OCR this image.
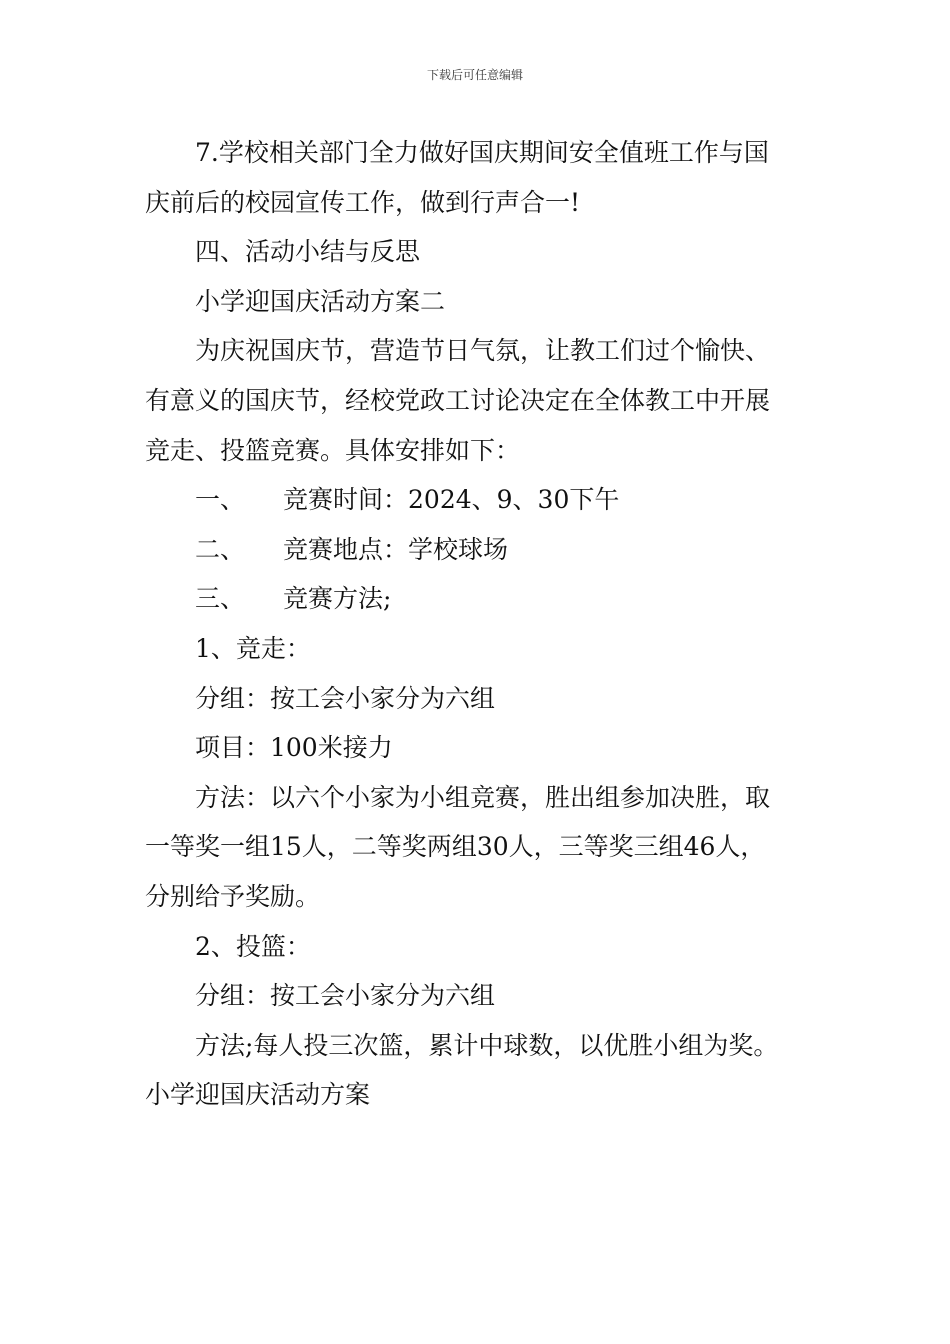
下载后可任意编辑
7.学校相关部门全力做好国庆期间安全值班工作与国
庆前后的校园宣传工作，做到行声合一!
四、活动小结与反思
小学迎国庆活动方案二
为庆祝国庆节，营造节日气氛，让教工们过个愉快、
有意义的国庆节，经校党政工讨论决定在全体教工中开展
竞走、投篮竞赛。具体安排如下：
一、 竞赛时间：2024、9、30下午
二、 竞赛地点：学校球场
三、 竞赛方法;
1、竞走：
分组：按工会小家分为六组
项目：100米接力
方法：以六个小家为小组竞赛，胜出组参加决胜，取
一等奖一组15人，二等奖两组30人，三等奖三组46人，
分别给予奖励。
2、投篮：
分组：按工会小家分为六组
方法;每人投三次篮，累计中球数，以优胜小组为奖。
小学迎国庆活动方案
